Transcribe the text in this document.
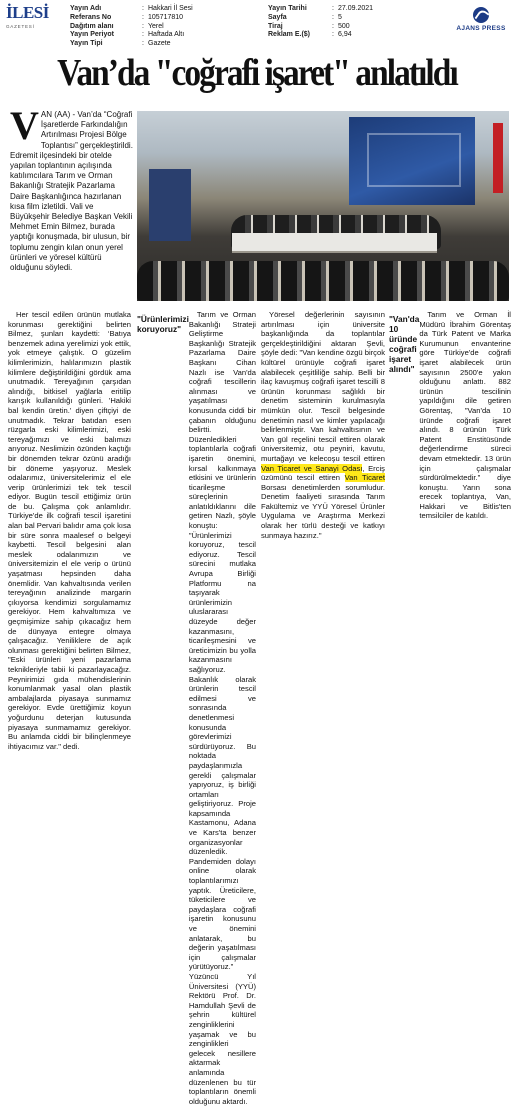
İLESİ
GAZETESİ
Yayın Adı	: Hakkari İl Sesi
Referans No	: 105717810
Dağıtım alanı	: Yerel
Yayın Periyot	: Haftada Altı
Yayın Tipi	: Gazete
Yayın Tarihi	: 27.09.2021
Sayfa	: 5
Tiraj	: 500
Reklam E.($)	: 6,94
AJANS PRESS
Van’da "coğrafi işaret" anlatıldı
VAN (AA) - Van’da “Coğrafi İşaretlerde Farkındalığın Artırılması Projesi Bölge Toplantısı” gerçekleştirildi. Edremit ilçesindeki bir otelde yapılan toplantının açılışında katılımcılara Tarım ve Orman Bakanlığı Stratejik Pazarlama Daire Başkanlığınca hazırlanan kısa film izletildi. Vali ve Büyükşehir Belediye Başkan Vekili Mehmet Emin Bilmez, burada yaptığı konuşmada, bir ulusun, bir toplumu zengin kılan onun yerel ürünleri ve yöresel kültürü olduğunu söyledi.

Her tescil edilen ürünün mutlaka korunması gerektiğini belirten Bilmez, şunları kaydetti: ‘Batıya benzemek adına yerelimizi yok ettik, yok etmeye çalıştık. O güzelim kilimlerimizin, halılarımızın plastik kilimlere değiştirildiğini gördük ama unutmadık. Tereyağının çarşıdan alındığı, bitkisel yağlarla eritilip karışık kullanıldığı günleri. 'Hakiki bal kendin üretin.' diyen çiftçiyi de unutmadık. Tekrar batıdan esen rüzgarla eski kilimlerimizi, eski tereyağımızı ve eski balımızı arıyoruz. Neslimizin özünden kaçtığı bir dönemden tekrar özünü aradığı bir döneme yaşıyoruz. Meslek odalarımız, üniversitelerimiz el ele verip ürünlerimizi tek tek tescil ediyor. Bugün tescil ettiğimiz ürün de bu. Çalışma çok anlamlıdır. Türkiye'de ilk coğrafi tescil işaretini alan bal Pervari balıdır ama çok kısa bir süre sonra maalesef o belgeyi kaybetti. Tescil belgesini alan meslek odalarımızın ve üniversitemizin el ele verip o ürünü yaşatması hepsinden daha önemlidir. Van kahvaltısında verilen tereyağının analizinde margarin çıkıyorsa kendimizi sorgulamamız gerekiyor. Hem kahvaltımıza ve geçmişimize sahip çıkacağız hem de dünyaya entegre olmaya çalışacağız. Yeniliklere de açık olunması gerektiğini belirten Bilmez, "Eski ürünleri yeni pazarlama teknikleriyle tabii ki pazarlayacağız. Peynirimizi gıda mühendislerinin konumlanmak yasal olan plastik ambalajlarda piyasaya sunmamız gerekiyor. Evde ürettiğimiz koyun yoğurdunu deterjan kutusunda piyasaya sunmamamız gerekiyor. Bu anlamda ciddi bir bilinçlenmeye ihtiyacımız var." dedi.

"Ürünlerimizi koruyoruz"

Tarım ve Orman Bakanlığı Strateji Geliştirme Başkanlığı Stratejik Pazarlama Daire Başkanı Cihan Nazlı ise Van'da coğrafi tescillerin alınması ve yaşatılması konusunda ciddi bir çabanın olduğunu belirtti. Düzenledikleri toplantılarla coğrafi işaretin önemini, kırsal kalkınmaya etkisini ve ürünlerin ticarileşme süreçlerinin anlatıldıklarını dile getiren Nazlı, şöyle konuştu: "Ürünlerimizi koruyoruz, tescil ediyoruz. Tescil sürecini mutlaka Avrupa Birliği Platformu na taşıyarak ürünlerimizin uluslararası düzeyde değer kazanmasını, ticarileşmesini ve üreticimizin bu yolla kazanmasını sağlıyoruz. Bakanlık olarak ürünlerin tescil edilmesi ve sonrasında denetlenmesi konusunda görevlerimizi sürdürüyoruz. Bu noktada paydaşlarımızla gerekli çalışmalar yapıyoruz, iş birliği ortamları geliştiriyoruz. Proje kapsamında Kastamonu, Adana ve Kars'ta benzer organizasyonlar düzenledik. Pandemiden dolayı online olarak toplantılarımızı yaptık. Üreticilere, tüketicilere ve paydaşlara coğrafi işaretin konusunu ve önemini anlatarak, bu değerin yaşatılması için çalışmalar yürütüyoruz." Yüzüncü Yıl Üniversitesi (YYÜ) Rektörü Prof. Dr. Hamdullah Şevli de şehrin kültürel zenginliklerini yaşamak ve bu zenginlikleri gelecek nesillere aktarmak anlamında düzenlenen bu tür toplantıların önemli olduğunu aktardı.

Yöresel değerlerinin sayısının artırılması için üniversite başkanlığında da toplantılar gerçekleştirildiğini aktaran Şevli, şöyle dedi: "Van kendine özgü birçok kültürel ürünüyle coğrafi işaret alabilecek çeşitliliğe sahip. Belli bir ilaç kavuşmuş coğrafi işaret tescilli 8 ürünün korunması sağlıklı bir denetim sisteminin kurulmasıyla mümkün olur. Tescil belgesinde denetimin nasıl ve kimler yapılacağı belirlenmiştir. Van kahvaltısının ve Van gül reçelini tescil ettiren olarak üniversitemiz, otu peyniri, kavutu, murtağayı ve kelecoşu tescil ettiren Van Ticaret ve Sanayi Odası, Erciş üzümünü tescil ettiren Van Ticaret Borsası denetimlerden sorumludur. Denetim faaliyeti sırasında Tarım Fakültemiz ve YYÜ Yöresel Ürünler Uygulama ve Araştırma Merkezi olarak her türlü desteği ve katkıyı sunmaya hazırız."

"Van'da 10 üründe coğrafi işaret alındı"

Tarım ve Orman İl Müdürü İbrahim Görentaş da Türk Patent ve Marka Kurumunun envanterine göre Türkiye'de coğrafi işaret alabilecek ürün sayısının 2500'e yakın olduğunu anlattı. 882 ürünün tescilinin yapıldığını dile getiren Görentaş, "Van'da 10 üründe coğrafi işaret alındı. 8 ürünün Türk Patent Enstitüsünde değerlendirme süreci devam etmektedir. 13 ürün için çalışmalar sürdürülmektedir." diye konuştu. Yarın sona erecek toplantıya, Van, Hakkari ve Bitlis'ten temsilciler de katıldı.
